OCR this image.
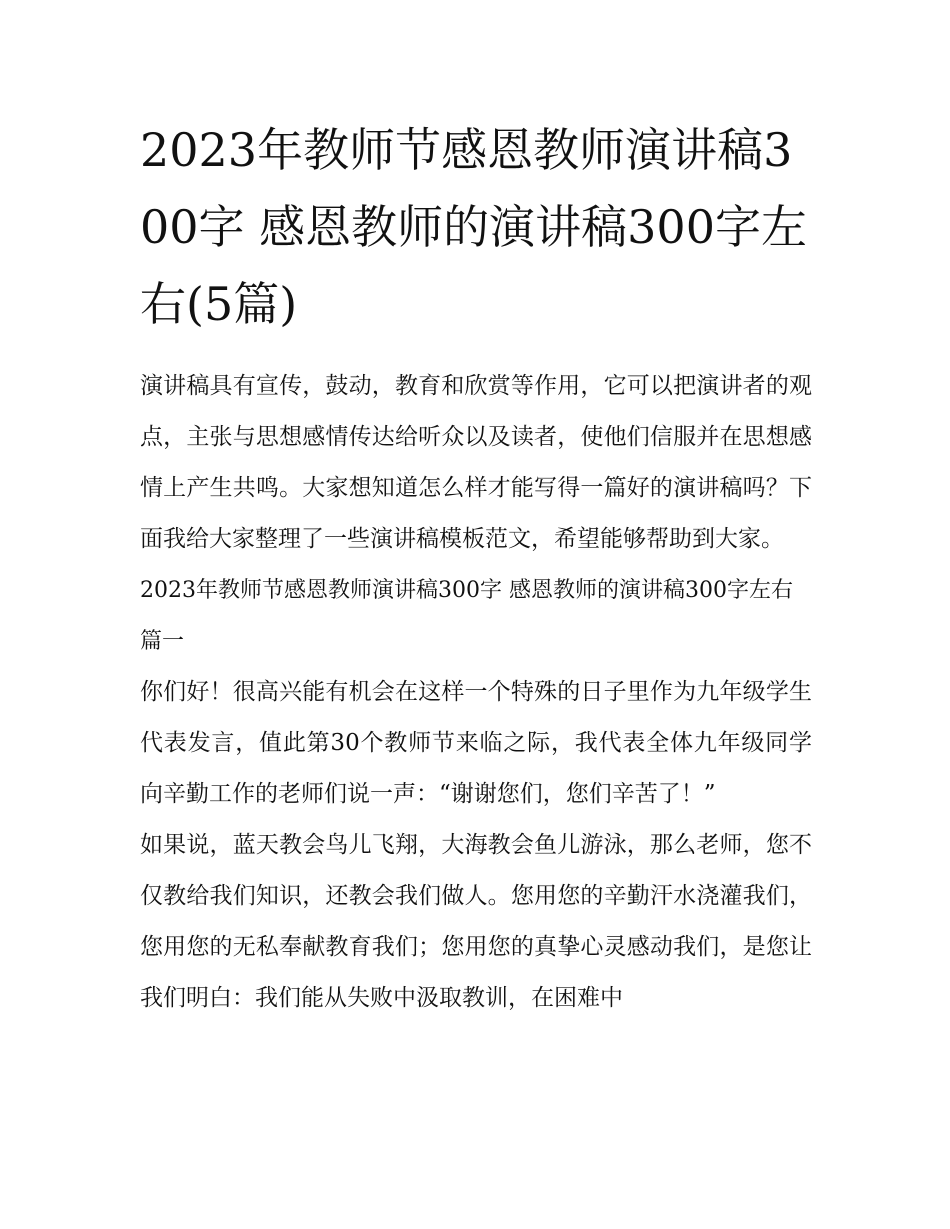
2023年教师节感恩教师演讲稿300字 感恩教师的演讲稿300字左右(5篇)

演讲稿具有宣传，鼓动，教育和欣赏等作用，它可以把演讲者的观点，主张与思想感情传达给听众以及读者，使他们信服并在思想感情上产生共鸣。大家想知道怎么样才能写得一篇好的演讲稿吗？下面我给大家整理了一些演讲稿模板范文，希望能够帮助到大家。

2023年教师节感恩教师演讲稿300字 感恩教师的演讲稿300字左右篇一

你们好！很高兴能有机会在这样一个特殊的日子里作为九年级学生代表发言，值此第30个教师节来临之际，我代表全体九年级同学向辛勤工作的老师们说一声：“谢谢您们，您们辛苦了！”

如果说，蓝天教会鸟儿飞翔，大海教会鱼儿游泳，那么老师，您不仅教给我们知识，还教会我们做人。您用您的辛勤汗水浇灌我们，您用您的无私奉献教育我们；您用您的真挚心灵感动我们，是您让我们明白：我们能从失败中汲取教训，在困难中
